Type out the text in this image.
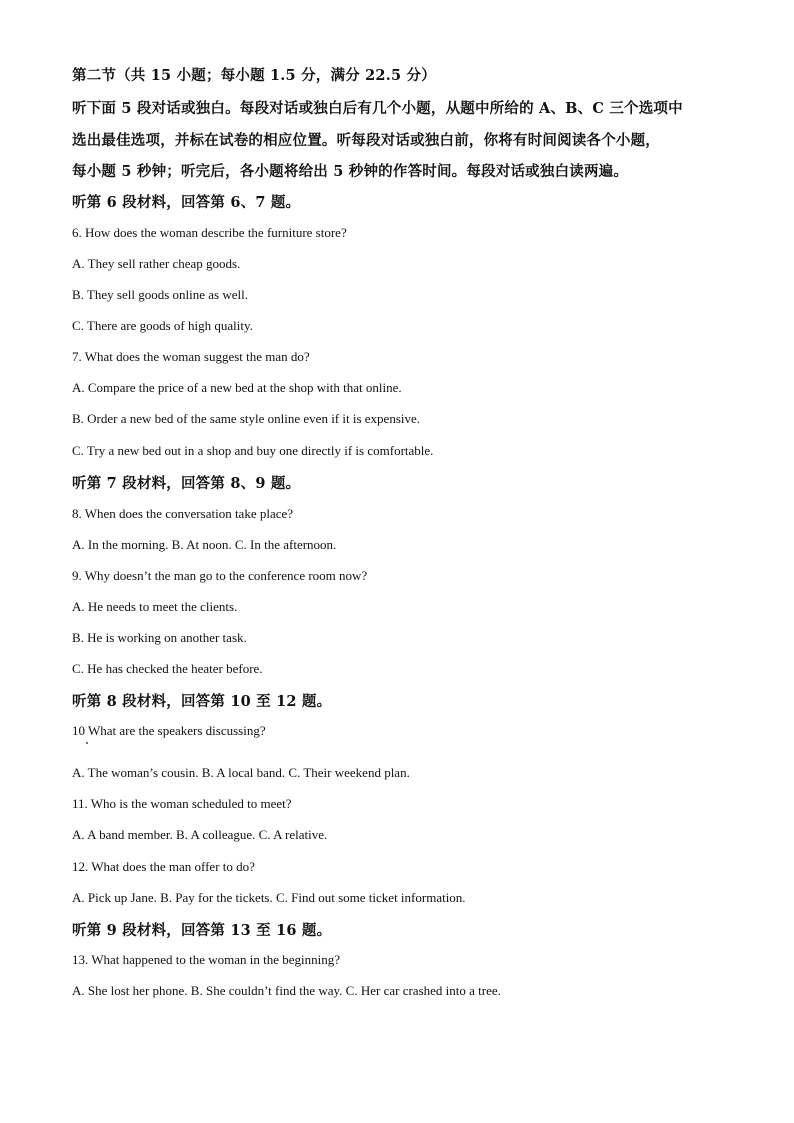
第二节（共 15 小题；每小题 1.5 分，满分 22.5 分）
听下面 5 段对话或独白。每段对话或独白后有几个小题，从题中所给的 A、B、C 三个选项中
选出最佳选项，并标在试卷的相应位置。听每段对话或独白前，你将有时间阅读各个小题，
每小题 5 秒钟；听完后，各小题将给出 5 秒钟的作答时间。每段对话或独白读两遍。
听第 6 段材料，回答第 6、7 题。
6. How does the woman describe the furniture store?
A. They sell rather cheap goods.
B. They sell goods online as well.
C. There are goods of high quality.
7. What does the woman suggest the man do?
A. Compare the price of a new bed at the shop with that online.
B. Order a new bed of the same style online even if it is expensive.
C. Try a new bed out in a shop and buy one directly if is comfortable.
听第 7 段材料，回答第 8、9 题。
8. When does the conversation take place?
A. In the morning. B. At noon. C. In the afternoon.
9. Why doesn’t the man go to the conference room now?
A. He needs to meet the clients.
B. He is working on another task.
C. He has checked the heater before.
听第 8 段材料，回答第 10 至 12 题。
10 What are the speakers discussing?
A. The woman’s cousin. B. A local band. C. Their weekend plan.
11. Who is the woman scheduled to meet?
A. A band member. B. A colleague. C. A relative.
12. What does the man offer to do?
A. Pick up Jane. B. Pay for the tickets. C. Find out some ticket information.
听第 9 段材料，回答第 13 至 16 题。
13. What happened to the woman in the beginning?
A. She lost her phone. B. She couldn’t find the way. C. Her car crashed into a tree.
